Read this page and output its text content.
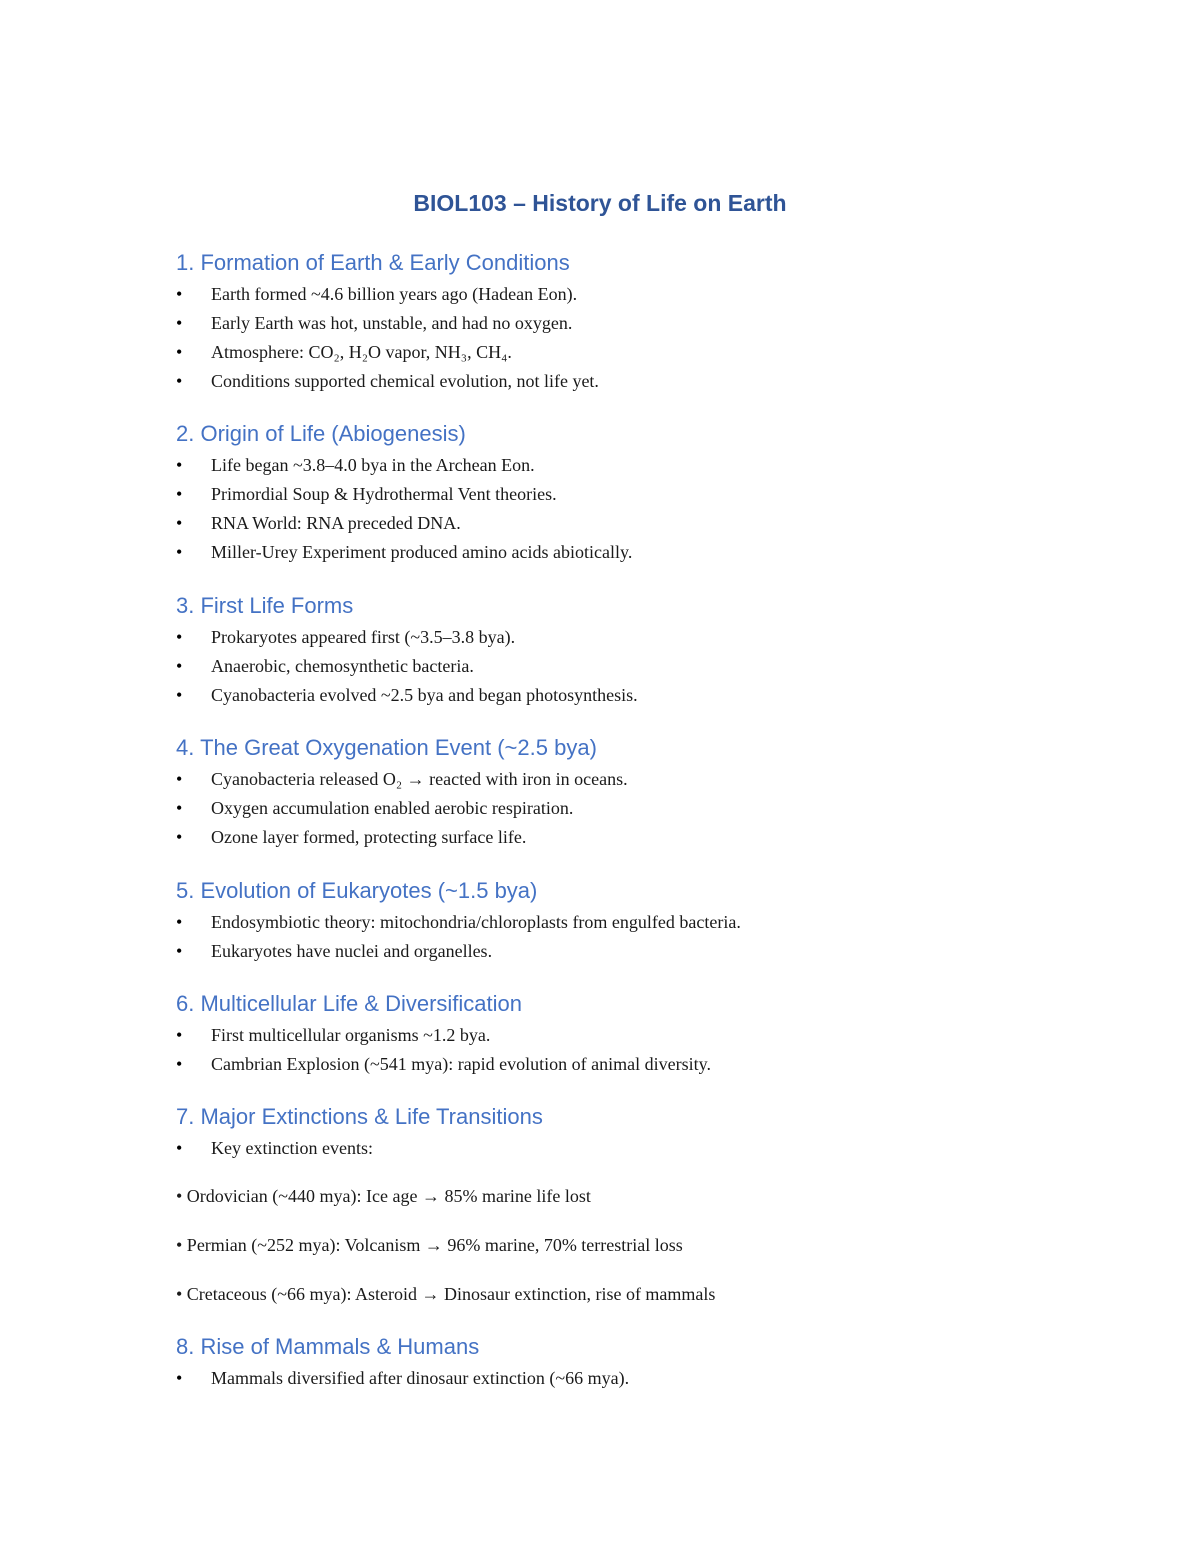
BIOL103 – History of Life on Earth
1. Formation of Earth & Early Conditions
• Earth formed ~4.6 billion years ago (Hadean Eon).
• Early Earth was hot, unstable, and had no oxygen.
• Atmosphere: CO₂, H₂O vapor, NH₃, CH₄.
• Conditions supported chemical evolution, not life yet.
2. Origin of Life (Abiogenesis)
• Life began ~3.8–4.0 bya in the Archean Eon.
• Primordial Soup & Hydrothermal Vent theories.
• RNA World: RNA preceded DNA.
• Miller-Urey Experiment produced amino acids abiotically.
3. First Life Forms
• Prokaryotes appeared first (~3.5–3.8 bya).
• Anaerobic, chemosynthetic bacteria.
• Cyanobacteria evolved ~2.5 bya and began photosynthesis.
4. The Great Oxygenation Event (~2.5 bya)
• Cyanobacteria released O₂ → reacted with iron in oceans.
• Oxygen accumulation enabled aerobic respiration.
• Ozone layer formed, protecting surface life.
5. Evolution of Eukaryotes (~1.5 bya)
• Endosymbiotic theory: mitochondria/chloroplasts from engulfed bacteria.
• Eukaryotes have nuclei and organelles.
6. Multicellular Life & Diversification
• First multicellular organisms ~1.2 bya.
• Cambrian Explosion (~541 mya): rapid evolution of animal diversity.
7. Major Extinctions & Life Transitions
• Key extinction events:
• Ordovician (~440 mya): Ice age → 85% marine life lost
• Permian (~252 mya): Volcanism → 96% marine, 70% terrestrial loss
• Cretaceous (~66 mya): Asteroid → Dinosaur extinction, rise of mammals
8. Rise of Mammals & Humans
• Mammals diversified after dinosaur extinction (~66 mya).
